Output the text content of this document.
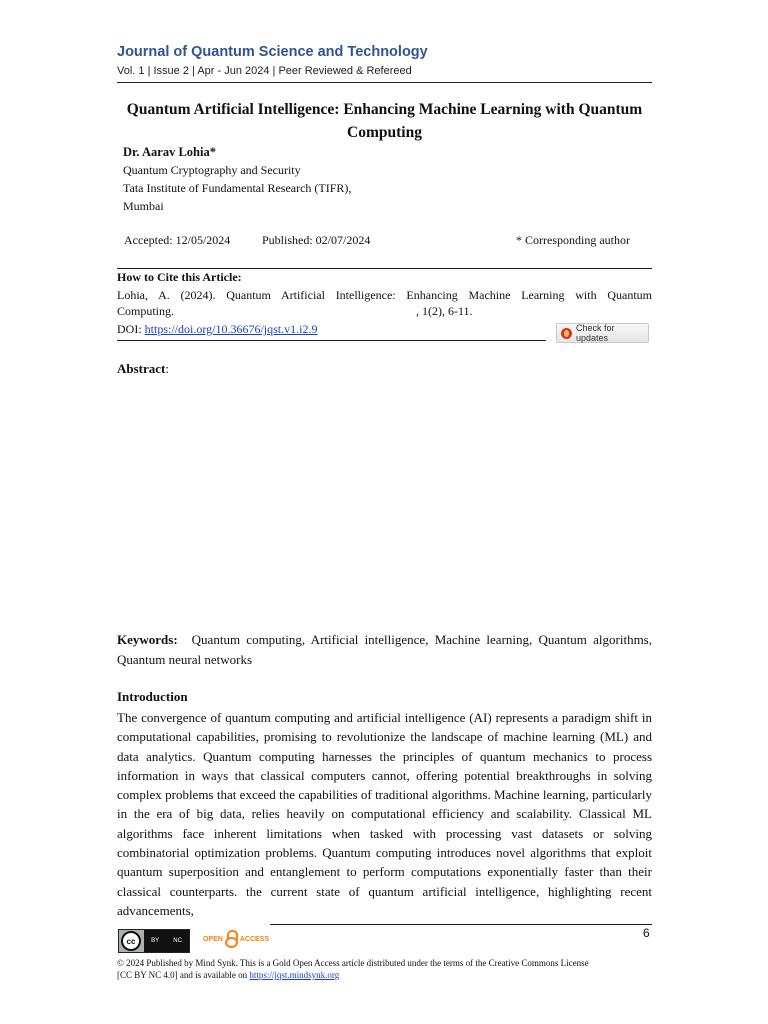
Journal of Quantum Science and Technology
Vol. 1 | Issue 2 | Apr - Jun 2024 | Peer Reviewed & Refereed
Quantum Artificial Intelligence: Enhancing Machine Learning with Quantum Computing
Dr. Aarav Lohia*
Quantum Cryptography and Security
Tata Institute of Fundamental Research (TIFR),
Mumbai
Accepted: 12/05/2024	Published: 02/07/2024	* Corresponding author
How to Cite this Article:
Lohia, A. (2024). Quantum Artificial Intelligence: Enhancing Machine Learning with Quantum
Computing.	, 1(2), 6-11.
DOI: https://doi.org/10.36676/jqst.v1.i2.9	Check for updates
Abstract:
Keywords: Quantum computing, Artificial intelligence, Machine learning, Quantum algorithms, Quantum neural networks
Introduction
The convergence of quantum computing and artificial intelligence (AI) represents a paradigm shift in computational capabilities, promising to revolutionize the landscape of machine learning (ML) and data analytics. Quantum computing harnesses the principles of quantum mechanics to process information in ways that classical computers cannot, offering potential breakthroughs in solving complex problems that exceed the capabilities of traditional algorithms. Machine learning, particularly in the era of big data, relies heavily on computational efficiency and scalability. Classical ML algorithms face inherent limitations when tasked with processing vast datasets or solving combinatorial optimization problems. Quantum computing introduces novel algorithms that exploit quantum superposition and entanglement to perform computations exponentially faster than their classical counterparts. the current state of quantum artificial intelligence, highlighting recent advancements,
6
cc	BY NC	OPEN ACCESS
© 2024 Published by Mind Synk. This is a Gold Open Access article distributed under the terms of the Creative Commons License
[CC BY NC 4.0] and is available on https://jqst.mindsynk.org
